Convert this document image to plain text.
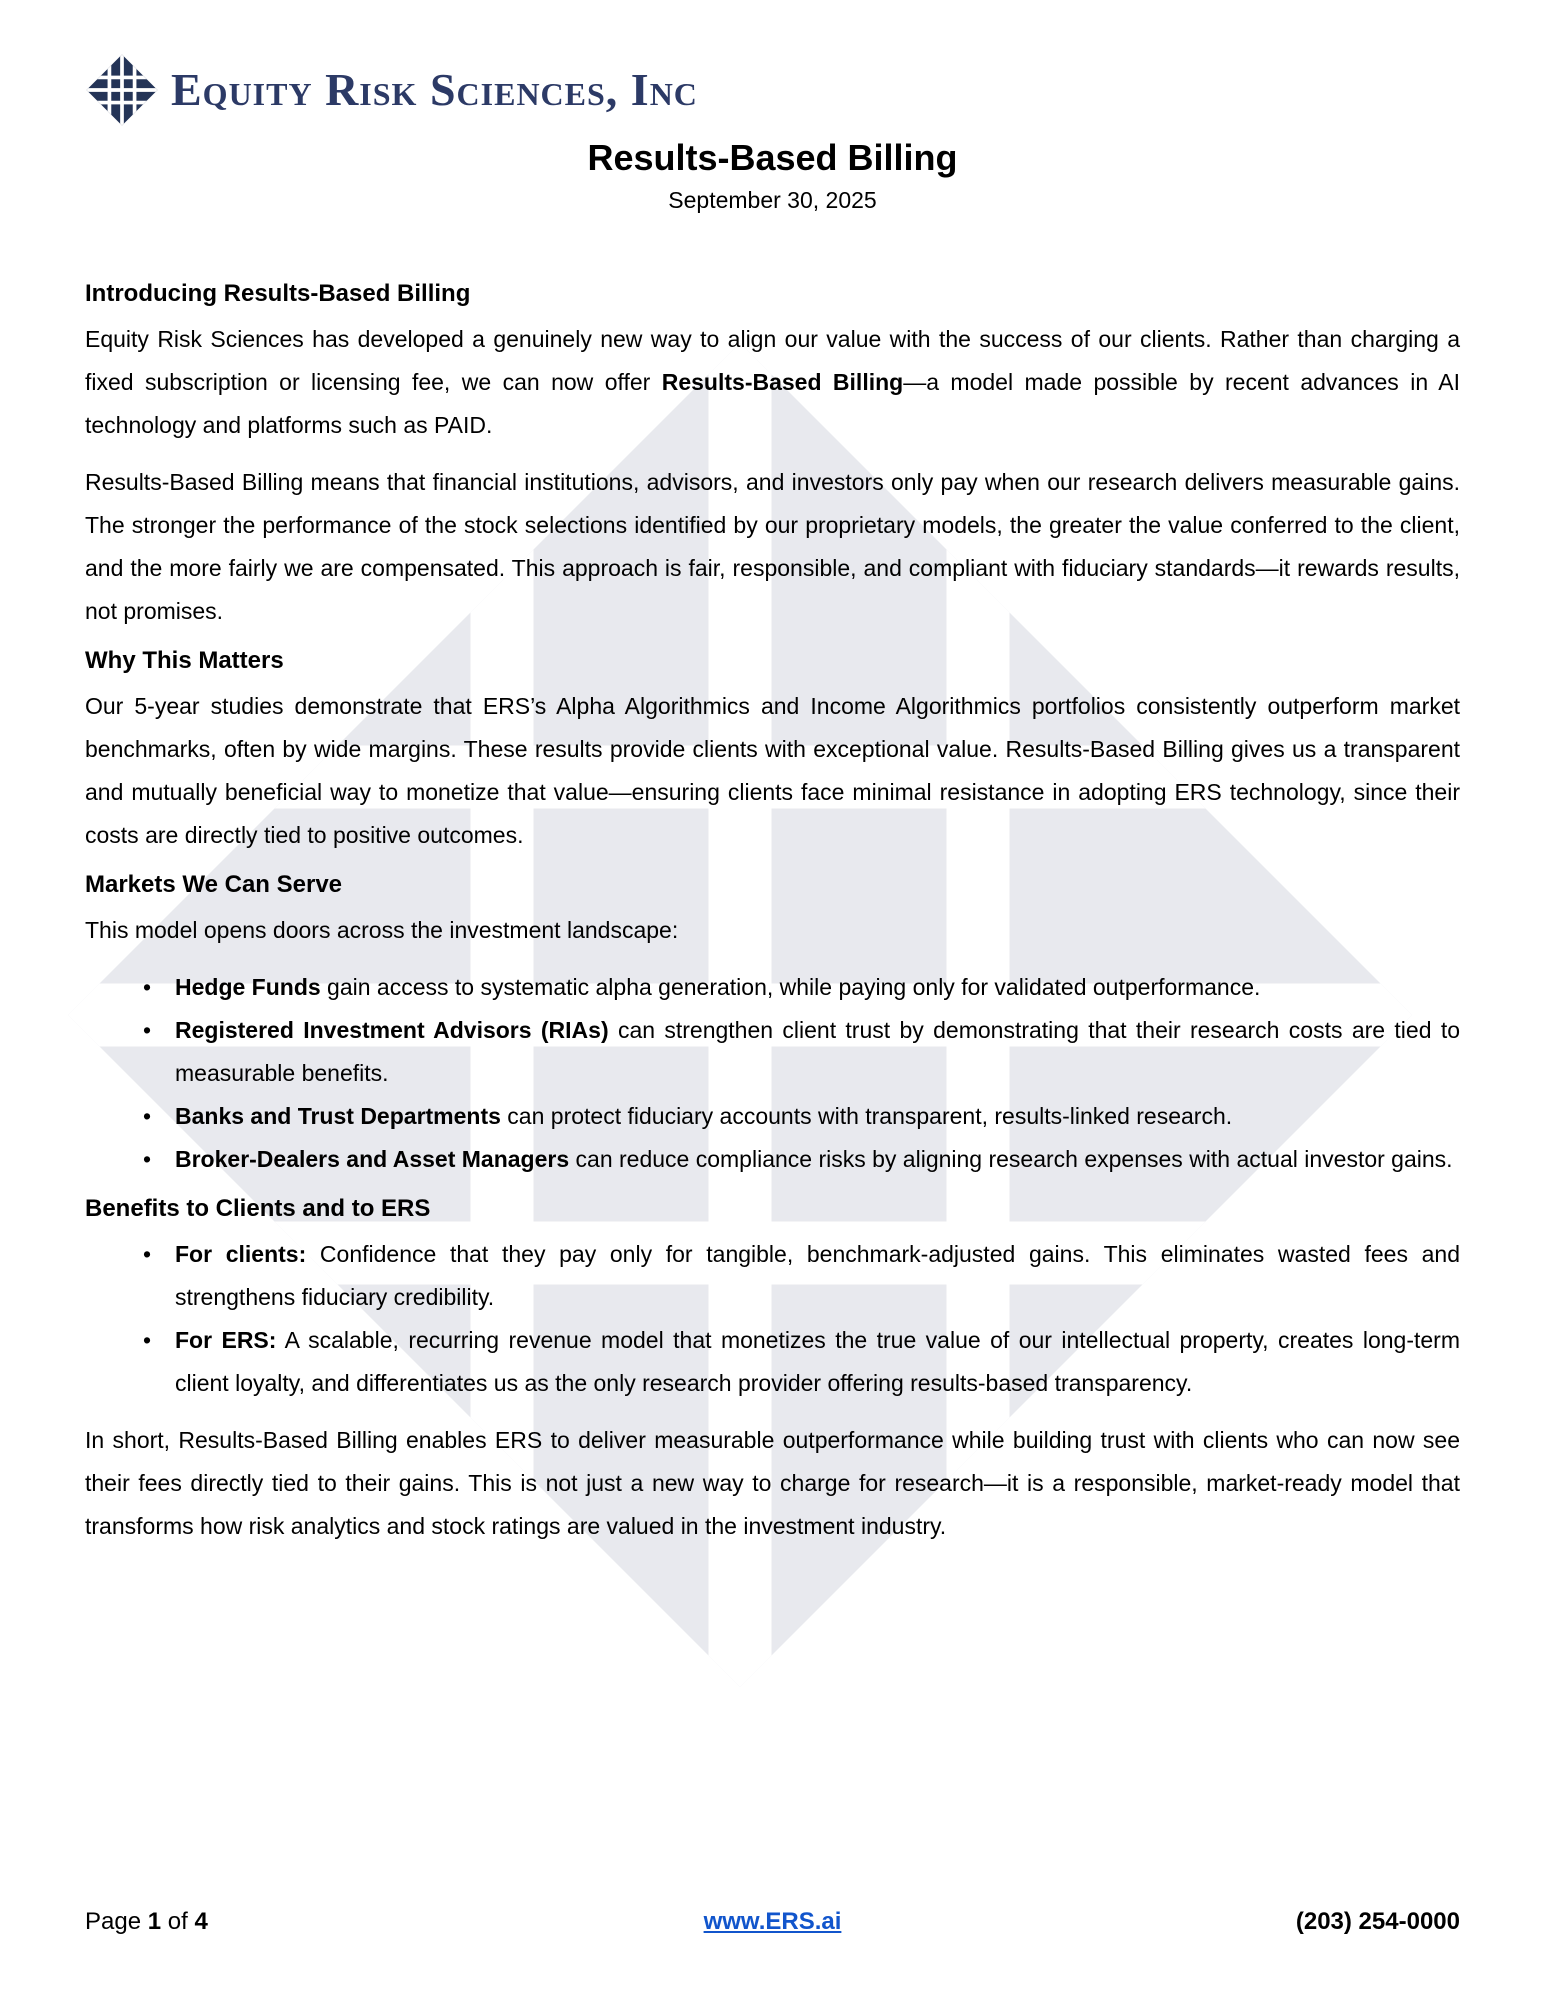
Equity Risk Sciences, Inc
Results-Based Billing
September 30, 2025
Introducing Results-Based Billing

Equity Risk Sciences has developed a genuinely new way to align our value with the success of our clients. Rather than charging a fixed subscription or licensing fee, we can now offer Results-Based Billing—a model made possible by recent advances in AI technology and platforms such as PAID.

Results-Based Billing means that financial institutions, advisors, and investors only pay when our research delivers measurable gains. The stronger the performance of the stock selections identified by our proprietary models, the greater the value conferred to the client, and the more fairly we are compensated. This approach is fair, responsible, and compliant with fiduciary standards—it rewards results, not promises.

Why This Matters

Our 5-year studies demonstrate that ERS’s Alpha Algorithmics and Income Algorithmics portfolios consistently outperform market benchmarks, often by wide margins. These results provide clients with exceptional value. Results-Based Billing gives us a transparent and mutually beneficial way to monetize that value—ensuring clients face minimal resistance in adopting ERS technology, since their costs are directly tied to positive outcomes.

Markets We Can Serve

This model opens doors across the investment landscape:

• Hedge Funds gain access to systematic alpha generation, while paying only for validated outperformance.
• Registered Investment Advisors (RIAs) can strengthen client trust by demonstrating that their research costs are tied to measurable benefits.
• Banks and Trust Departments can protect fiduciary accounts with transparent, results-linked research.
• Broker-Dealers and Asset Managers can reduce compliance risks by aligning research expenses with actual investor gains.
Benefits to Clients and to ERS
• For clients: Confidence that they pay only for tangible, benchmark-adjusted gains. This eliminates wasted fees and strengthens fiduciary credibility.
• For ERS: A scalable, recurring revenue model that monetizes the true value of our intellectual property, creates long-term client loyalty, and differentiates us as the only research provider offering results-based transparency.

In short, Results-Based Billing enables ERS to deliver measurable outperformance while building trust with clients who can now see their fees directly tied to their gains. This is not just a new way to charge for research—it is a responsible, market-ready model that transforms how risk analytics and stock ratings are valued in the investment industry.

Page 1 of 4	www.ERS.ai	(203) 254-0000
